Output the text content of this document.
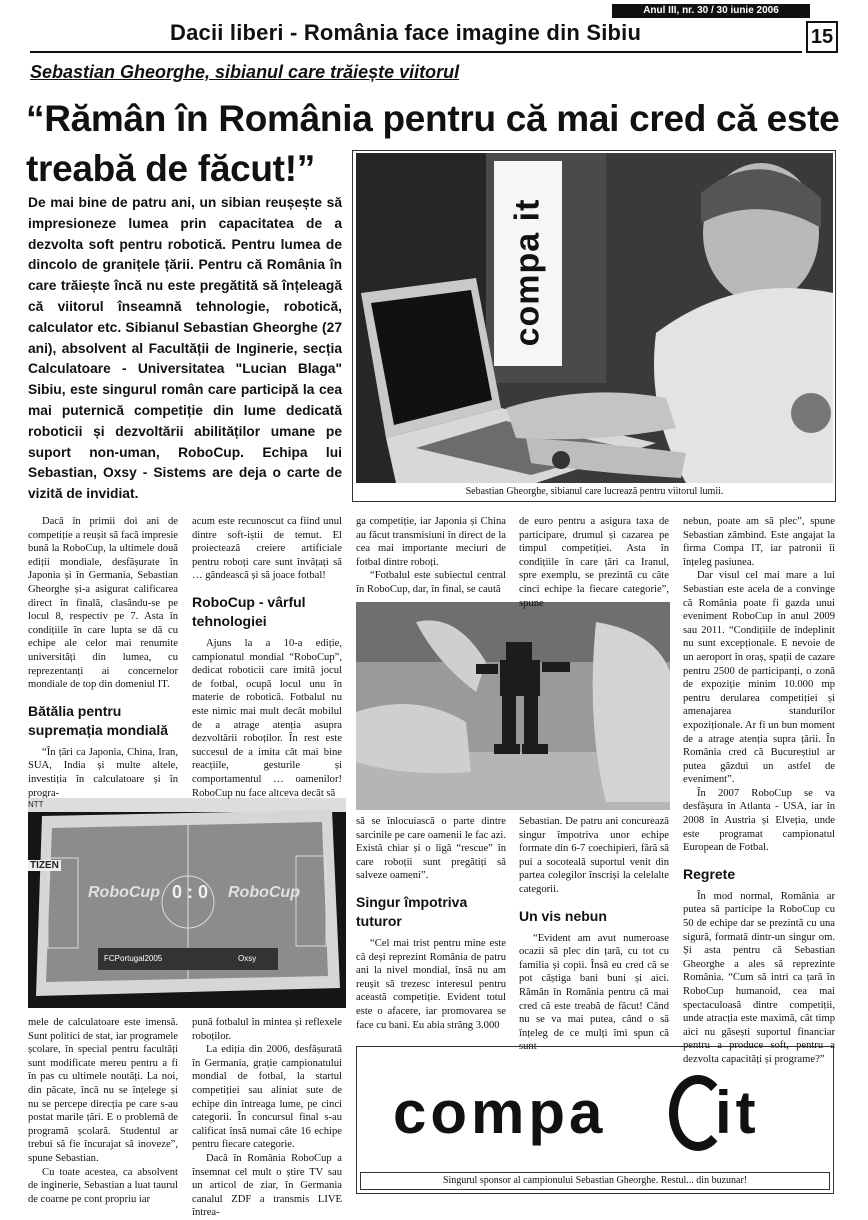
Anul III, nr. 30 / 30 iunie 2006
Dacii liberi - România face imagine din Sibiu	15
Sebastian Gheorghe, sibianul care trăiește viitorul
“Rămân în România pentru că mai cred că este treabă de făcut!”
De mai bine de patru ani, un sibian reușește să impresioneze lumea prin capacitatea de a dezvolta soft pentru robotică. Pentru lumea de dincolo de granițele țării. Pentru că România în care trăiește încă nu este pregătită să înțeleagă că viitorul înseamnă tehnologie, robotică, calculator etc. Sibianul Sebastian Gheorghe (27 ani), absolvent al Facultății de Inginerie, secția Calculatoare - Universitatea "Lucian Blaga" Sibiu, este singurul român care participă la cea mai puternică competiție din lume dedicată roboticii și dezvoltării abilităților umane pe suport non-uman, RoboCup. Echipa lui Sebastian, Oxsy - Sistems are deja o carte de vizită de invidiat.
compa it
Sebastian Gheorghe, sibianul care lucrează pentru viitorul lumii.

Dacă în primii doi ani de competiție a reușit să facă impresie bună la RoboCup, la ultimele două ediții mondiale, desfășurate în Japonia și în Germania, Sebastian Gheorghe și-a asigurat calificarea direct în finală, clasându-se pe locul 8, respectiv pe 7. Asta în condițiile în care lupta se dă cu echipe ale celor mai renumite universități din lumea, cu reprezentanți ai concernelor mondiale de top din domeniul IT.

Bătălia pentru supremația mondială

“În țări ca Japonia, China, Iran, SUA, India și multe altele, investiția în calculatoare și în progra-

NTT
TIZEN
RoboCup 0 : 0 RoboCup
FCPortugal2005	Oxsy

mele de calculatoare este imensă. Sunt politici de stat, iar programele școlare, în special pentru facultăți sunt modificate mereu pentru a fi în pas cu ultimele noutăți. La noi, din păcate, încă nu se înțelege și nu se percepe direcția pe care s-au postat marile țări. E o problemă de programă școlară. Studentul ar trebui să fie încurajat să inoveze”, spune Sebastian.

Cu toate acestea, ca absolvent de inginerie, Sebastian a luat taurul de coarne pe cont propriu iar

acum este recunoscut ca fiind unul dintre soft-iștii de temut. El proiectează creiere artificiale pentru roboți care sunt învățați să … gândească și să joace fotbal!

RoboCup - vârful tehnologiei

Ajuns la a 10-a ediție, campionatul mondial “RoboCup”, dedicat roboticii care imită jocul de fotbal, ocupă locul unu în materie de robotică. Fotbalul nu este nimic mai mult decât mobilul de a atrage atenția asupra dezvoltării roboților. În rest este succesul de a imita cât mai bine reacțiile, gesturile și comportamentul … oamenilor! RoboCup nu face altceva decât să

pună fotbalul în mintea și reflexele roboților.

La ediția din 2006, desfășurată în Germania, grație campionatului mondial de fotbal, la startul competiției sau aliniat sute de echipe din întreaga lume, pe cinci categorii. În concursul final s-au calificat însă numai câte 16 echipe pentru fiecare categorie.

Dacă în România RoboCup a însemnat cel mult o știre TV sau un articol de ziar, în Germania canalul ZDF a transmis LIVE întrea-

ga competiție, iar Japonia și China au făcut transmisiuni în direct de la cea mai importante meciuri de fotbal dintre roboți.

“Fotbalul este subiectul central în RoboCup, dar, în final, se caută

să se înlocuiască o parte dintre sarcinile pe care oamenii le fac azi. Există chiar și o ligă “rescue” în care roboții sunt pregătiți să salveze oameni”.

Singur împotriva tuturor

“Cel mai trist pentru mine este că deși reprezint România de patru ani la nivel mondial, însă nu am reușit să trezesc interesul pentru această competiție. Evident totul este o afacere, iar promovarea se face cu bani. Eu abia strâng 3.000

de euro pentru a asigura taxa de participare, drumul și cazarea pe timpul competiției. Asta în condițiile în care țări ca Iranul, spre exemplu, se prezintă cu câte cinci echipe la fiecare categorie”, spune

Sebastian. De patru ani concurează singur împotriva unor echipe formate din 6-7 coechipieri, fără să pui a socoteală suportul venit din partea colegilor înscriși la celelalte categorii.

Un vis nebun

“Evident am avut numeroase ocazii să plec din țară, cu tot cu familia și copii. Însă eu cred că se pot câștiga bani buni și aici. Rămân în România pentru că mai cred că este treabă de făcut! Când nu se va mai putea, când o să înțeleg de ce mulți îmi spun că sunt

nebun, poate am să plec”, spune Sebastian zâmbind. Este angajat la firma Compa IT, iar patronii îi înțeleg pasiunea.

Dar visul cel mai mare a lui Sebastian este acela de a convinge că România poate fi gazda unui eveniment RoboCup în anul 2009 sau 2011. “Condițiile de îndeplinit nu sunt excepționale. E nevoie de un aeroport în oraș, spații de cazare pentru 2500 de participanți, o zonă de expoziție minim 10.000 mp pentru derularea competiției și amenajarea standurilor expoziționale. Ar fi un bun moment de a atrage atenția supra țării. În România cred că Bucureștiul ar putea găzdui un astfel de eveniment”.

În 2007 RoboCup se va desfășura în Atlanta - USA, iar în 2008 în Austria și Elveția, unde este programat campionatul European de Fotbal.

Regrete

În mod normal, România ar putea să participe la RoboCup cu 50 de echipe dar se prezintă cu una sigură, formată dintr-un singur om. Și asta pentru că Sebastian Gheorghe a ales să reprezinte România. “Cum să intri ca țară în RoboCup humanoid, cea mai spectaculoasă dintre competiții, unde atracția este maximă, cât timp aici nu găsești suportul financiar pentru a produce soft, pentru a dezvolta capacități și programe?”

compa it
Singurul sponsor al campionului Sebastian Gheorghe. Restul... din buzunar!
